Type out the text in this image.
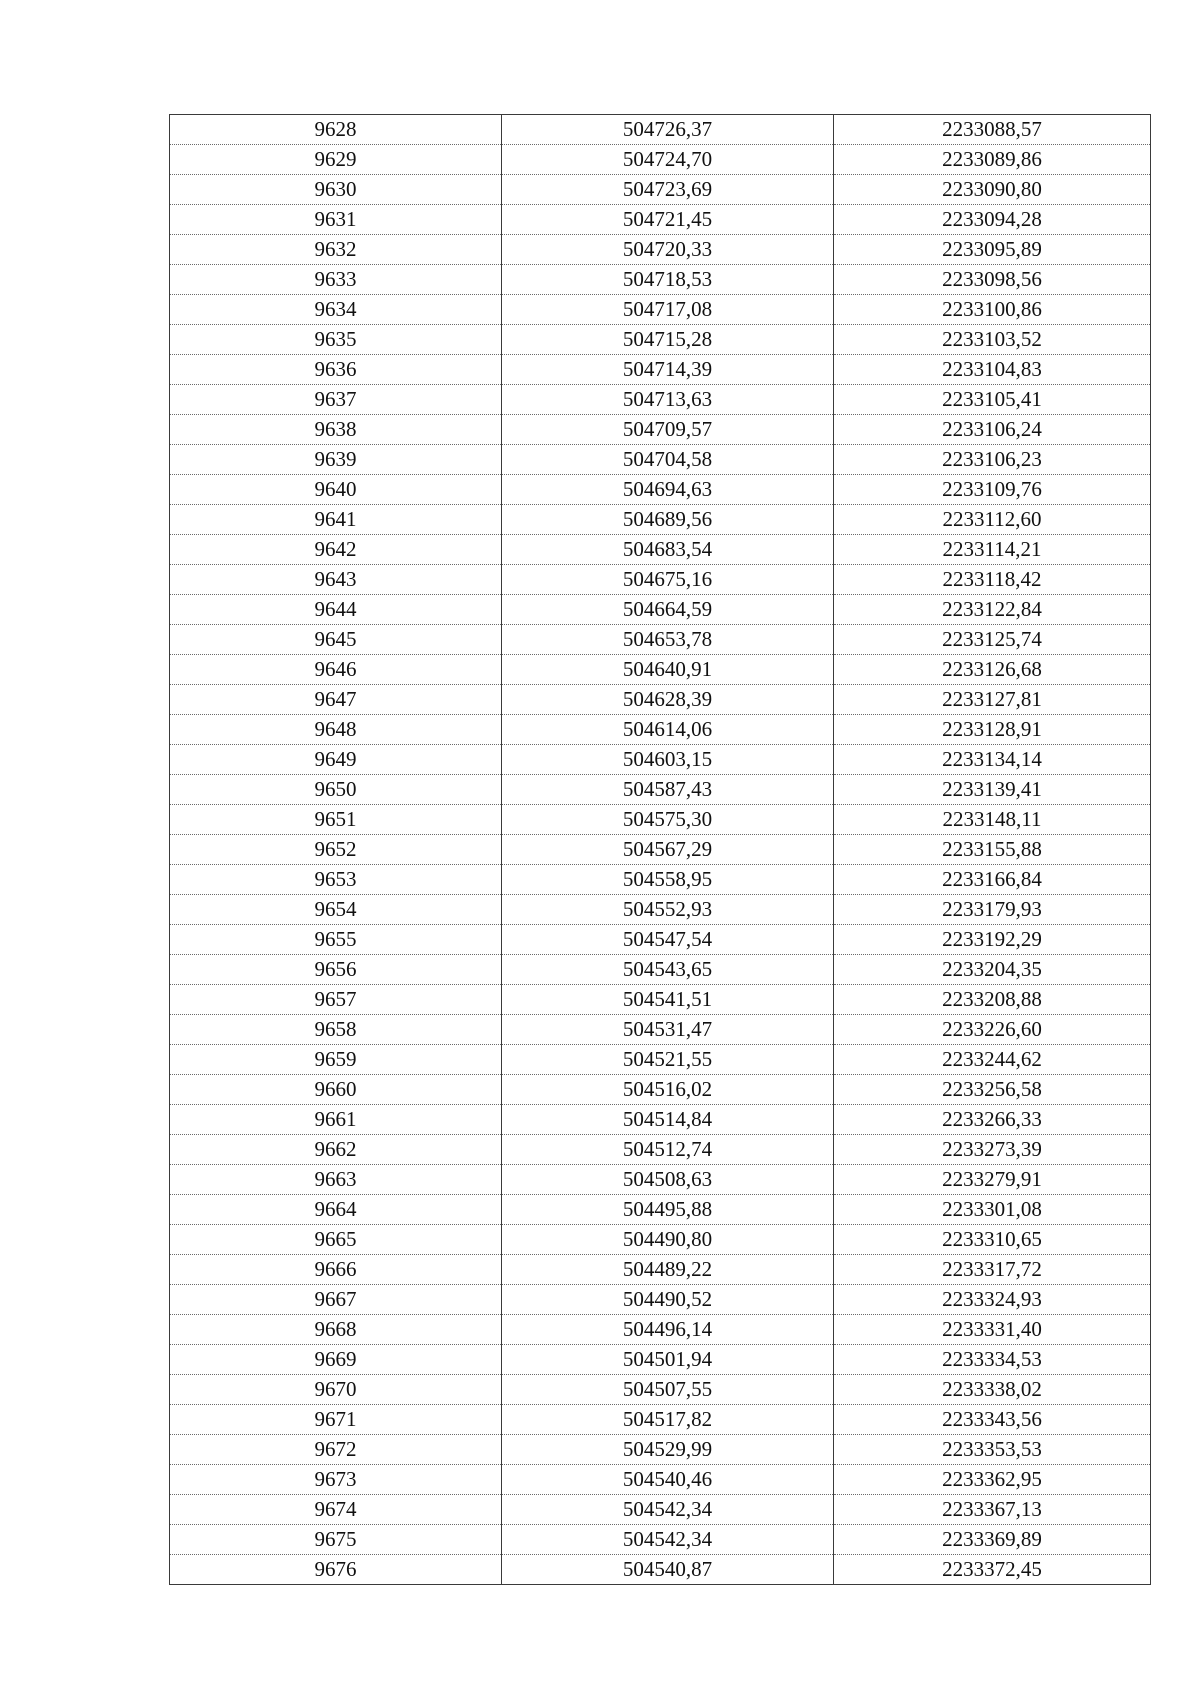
9628	504726,37	2233088,57
9629	504724,70	2233089,86
9630	504723,69	2233090,80
9631	504721,45	2233094,28
9632	504720,33	2233095,89
9633	504718,53	2233098,56
9634	504717,08	2233100,86
9635	504715,28	2233103,52
9636	504714,39	2233104,83
9637	504713,63	2233105,41
9638	504709,57	2233106,24
9639	504704,58	2233106,23
9640	504694,63	2233109,76
9641	504689,56	2233112,60
9642	504683,54	2233114,21
9643	504675,16	2233118,42
9644	504664,59	2233122,84
9645	504653,78	2233125,74
9646	504640,91	2233126,68
9647	504628,39	2233127,81
9648	504614,06	2233128,91
9649	504603,15	2233134,14
9650	504587,43	2233139,41
9651	504575,30	2233148,11
9652	504567,29	2233155,88
9653	504558,95	2233166,84
9654	504552,93	2233179,93
9655	504547,54	2233192,29
9656	504543,65	2233204,35
9657	504541,51	2233208,88
9658	504531,47	2233226,60
9659	504521,55	2233244,62
9660	504516,02	2233256,58
9661	504514,84	2233266,33
9662	504512,74	2233273,39
9663	504508,63	2233279,91
9664	504495,88	2233301,08
9665	504490,80	2233310,65
9666	504489,22	2233317,72
9667	504490,52	2233324,93
9668	504496,14	2233331,40
9669	504501,94	2233334,53
9670	504507,55	2233338,02
9671	504517,82	2233343,56
9672	504529,99	2233353,53
9673	504540,46	2233362,95
9674	504542,34	2233367,13
9675	504542,34	2233369,89
9676	504540,87	2233372,45
